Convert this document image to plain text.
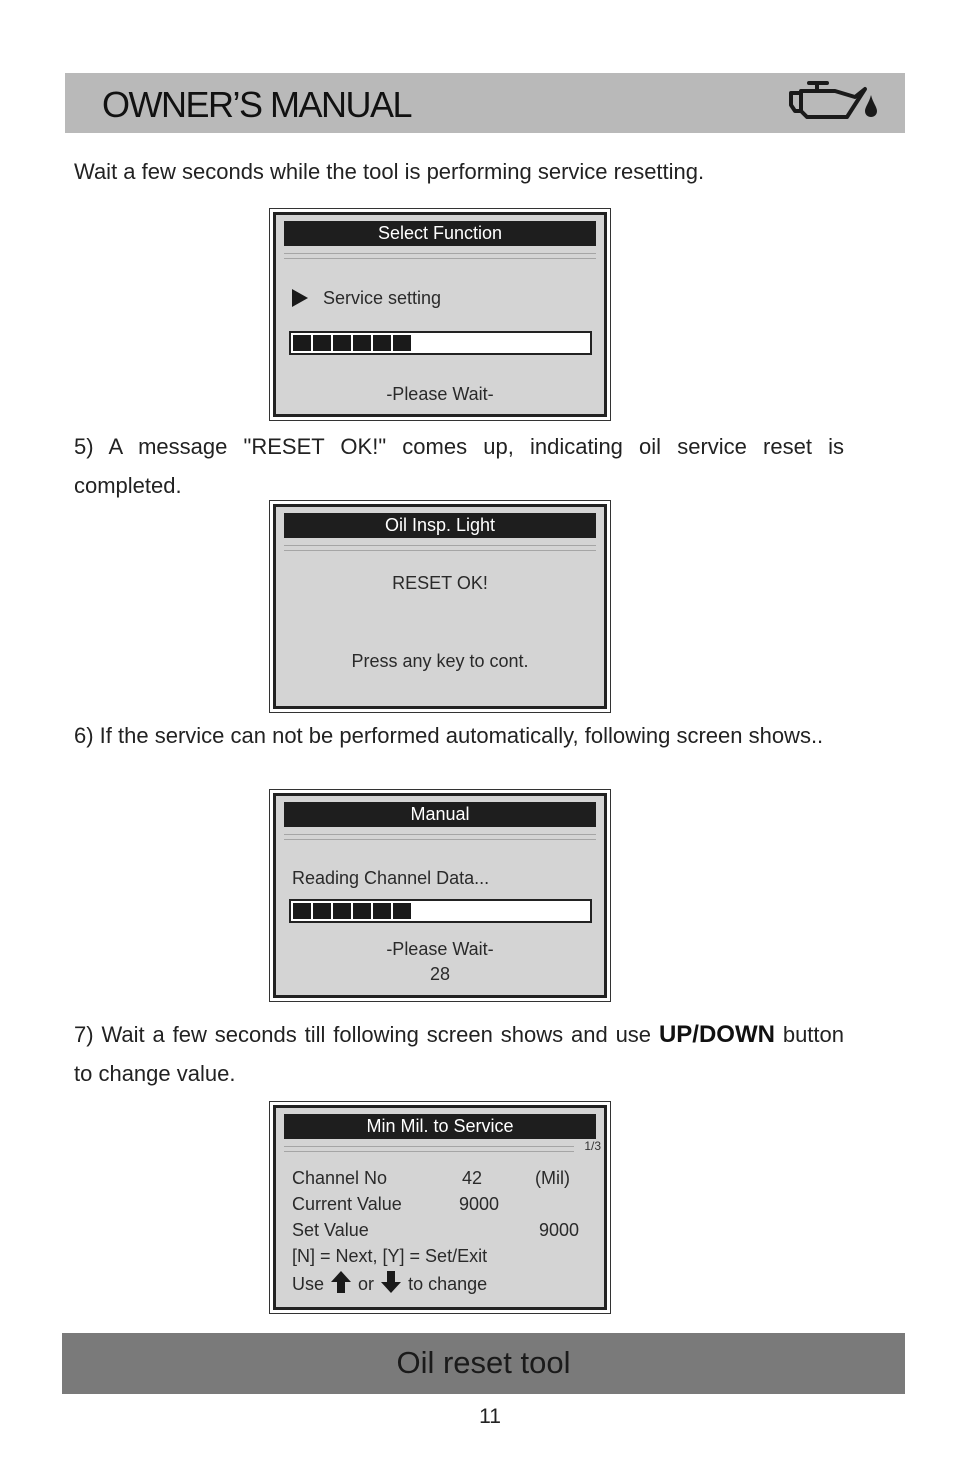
OWNER’S MANUAL

Wait a few seconds while the tool is performing service resetting.

Select Function
Service setting
-Please Wait-

5) A message "RESET OK!" comes up, indicating oil service reset is completed.

Oil Insp. Light
RESET OK!
Press any key to cont.

6) If the service can not be performed automatically, following screen shows..

Manual
Reading Channel Data...
-Please Wait-
28

7) Wait a few seconds till following screen shows and use UP/DOWN button to change value.

Min Mil. to Service
1/3
Channel No	42	(Mil)
Current Value	9000
Set Value	9000
[N] = Next, [Y] = Set/Exit
Use or to change
Oil reset tool
11
